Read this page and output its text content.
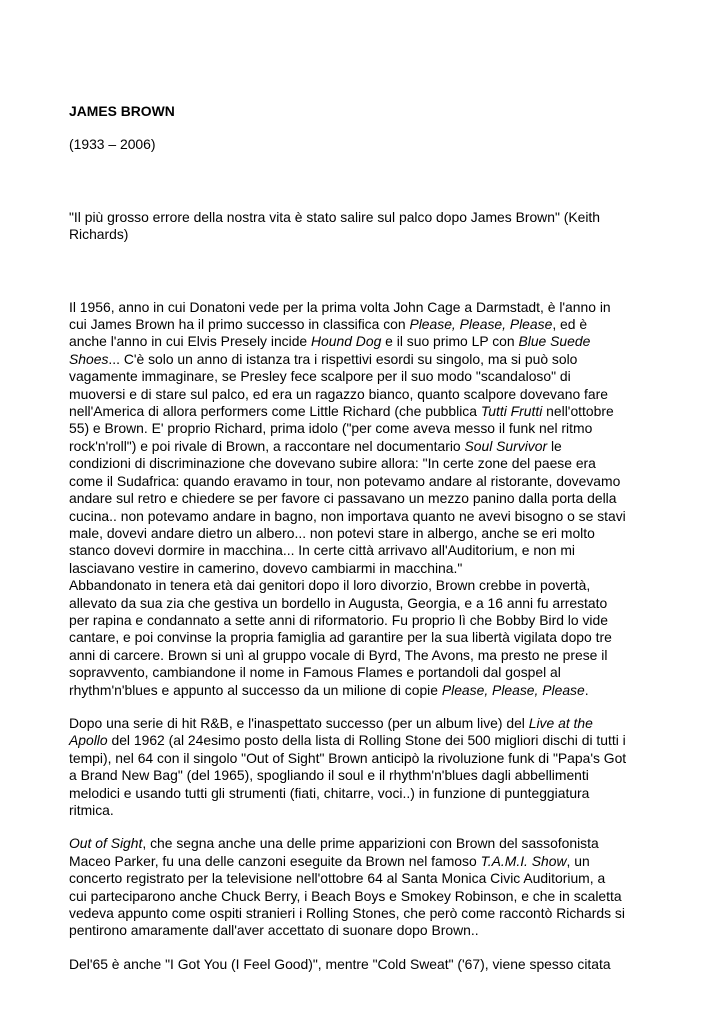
JAMES BROWN

(1933 – 2006)

"Il più grosso errore della nostra vita è stato salire sul palco dopo James Brown" (Keith
Richards)

Il 1956, anno in cui Donatoni vede per la prima volta John Cage a Darmstadt, è l'anno in
cui James Brown ha il primo successo in classifica con Please, Please, Please, ed è
anche l'anno in cui Elvis Presely incide Hound Dog e il suo primo LP con Blue Suede
Shoes... C'è solo un anno di istanza tra i rispettivi esordi su singolo, ma si può solo
vagamente immaginare, se Presley fece scalpore per il suo modo "scandaloso" di
muoversi e di stare sul palco, ed era un ragazzo bianco, quanto scalpore dovevano fare
nell'America di allora performers come Little Richard (che pubblica Tutti Frutti nell'ottobre
55) e Brown. E' proprio Richard, prima idolo ("per come aveva messo il funk nel ritmo
rock'n'roll") e poi rivale di Brown, a raccontare nel documentario Soul Survivor le
condizioni di discriminazione che dovevano subire allora: "In certe zone del paese era
come il Sudafrica: quando eravamo in tour, non potevamo andare al ristorante, dovevamo
andare sul retro e chiedere se per favore ci passavano un mezzo panino dalla porta della
cucina.. non potevamo andare in bagno, non importava quanto ne avevi bisogno o se stavi
male, dovevi andare dietro un albero... non potevi stare in albergo, anche se eri molto
stanco dovevi dormire in macchina... In certe città arrivavo all'Auditorium, e non mi
lasciavano vestire in camerino, dovevo cambiarmi in macchina."

Abbandonato in tenera età dai genitori dopo il loro divorzio, Brown crebbe in povertà,
allevato da sua zia che gestiva un bordello in Augusta, Georgia, e a 16 anni fu arrestato
per rapina e condannato a sette anni di riformatorio. Fu proprio lì che Bobby Bird lo vide
cantare, e poi convinse la propria famiglia ad garantire per la sua libertà vigilata dopo tre
anni di carcere. Brown si unì al gruppo vocale di Byrd, The Avons, ma presto ne prese il
sopravvento, cambiandone il nome in Famous Flames e portandoli dal gospel al
rhythm'n'blues e appunto al successo da un milione di copie Please, Please, Please.

Dopo una serie di hit R&B, e l'inaspettato successo (per un album live) del Live at the
Apollo del 1962 (al 24esimo posto della lista di Rolling Stone dei 500 migliori dischi di tutti i
tempi), nel 64 con il singolo "Out of Sight" Brown anticipò la rivoluzione funk di "Papa's Got
a Brand New Bag" (del 1965), spogliando il soul e il rhythm'n'blues dagli abbellimenti
melodici e usando tutti gli strumenti (fiati, chitarre, voci..) in funzione di punteggiatura
ritmica.

Out of Sight, che segna anche una delle prime apparizioni con Brown del sassofonista
Maceo Parker, fu una delle canzoni eseguite da Brown nel famoso T.A.M.I. Show, un
concerto registrato per la televisione nell'ottobre 64 al Santa Monica Civic Auditorium, a
cui parteciparono anche Chuck Berry, i Beach Boys e Smokey Robinson, e che in scaletta
vedeva appunto come ospiti stranieri i Rolling Stones, che però come raccontò Richards si
pentirono amaramente dall'aver accettato di suonare dopo Brown..

Del'65 è anche "I Got You (I Feel Good)", mentre "Cold Sweat" ('67), viene spesso citata
